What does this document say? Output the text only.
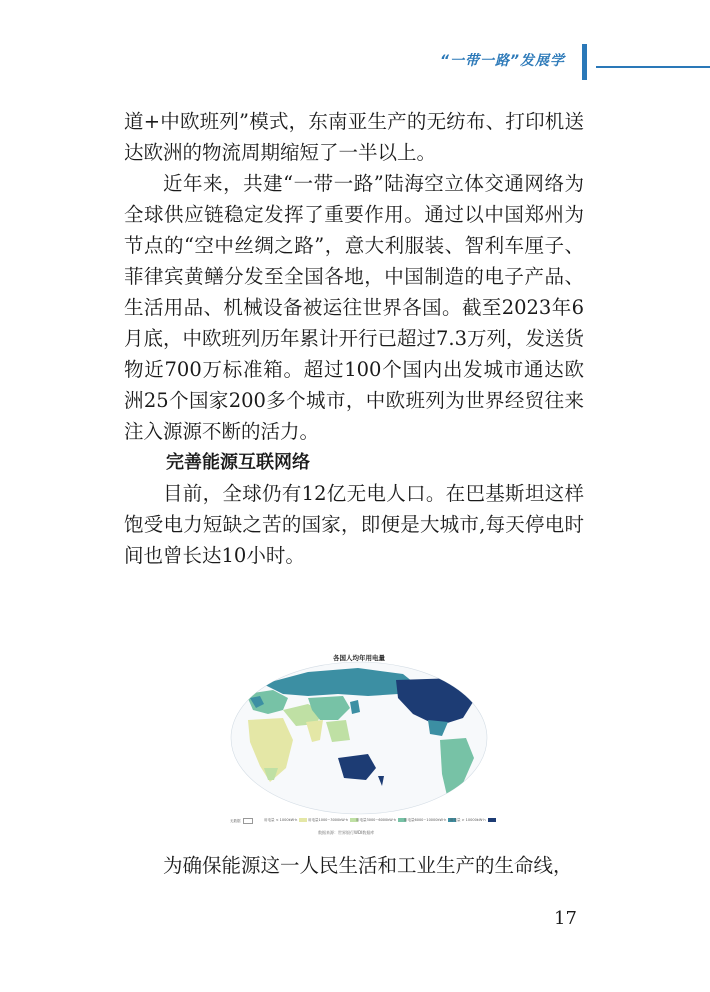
“一带一路”发展学

道+中欧班列”模式，东南亚生产的无纺布、打印机送达欧洲的物流周期缩短了一半以上。

近年来，共建“一带一路”陆海空立体交通网络为全球供应链稳定发挥了重要作用。通过以中国郑州为节点的“空中丝绸之路”，意大利服装、智利车厘子、菲律宾黄鳝分发至全国各地，中国制造的电子产品、生活用品、机械设备被运往世界各国。截至2023年6月底，中欧班列历年累计开行已超过7.3万列，发送货物近700万标准箱。超过100个国内出发城市通达欧洲25个国家200多个城市，中欧班列为世界经贸往来注入源源不断的活力。

完善能源互联网络

目前，全球仍有12亿无电人口。在巴基斯坦这样饱受电力短缺之苦的国家，即便是大城市,每天停电时间也曾长达10小时。

各国人均年用电量
无数据	用电量 < 1000kW·h	用电量1000~3000kW·h	用电量3000~6000kW·h	用电量6000~10000kW·h	用电量 > 10000kW·h
数据来源：世界银行WDI数据库

为确保能源这一人民生活和工业生产的生命线，

17
